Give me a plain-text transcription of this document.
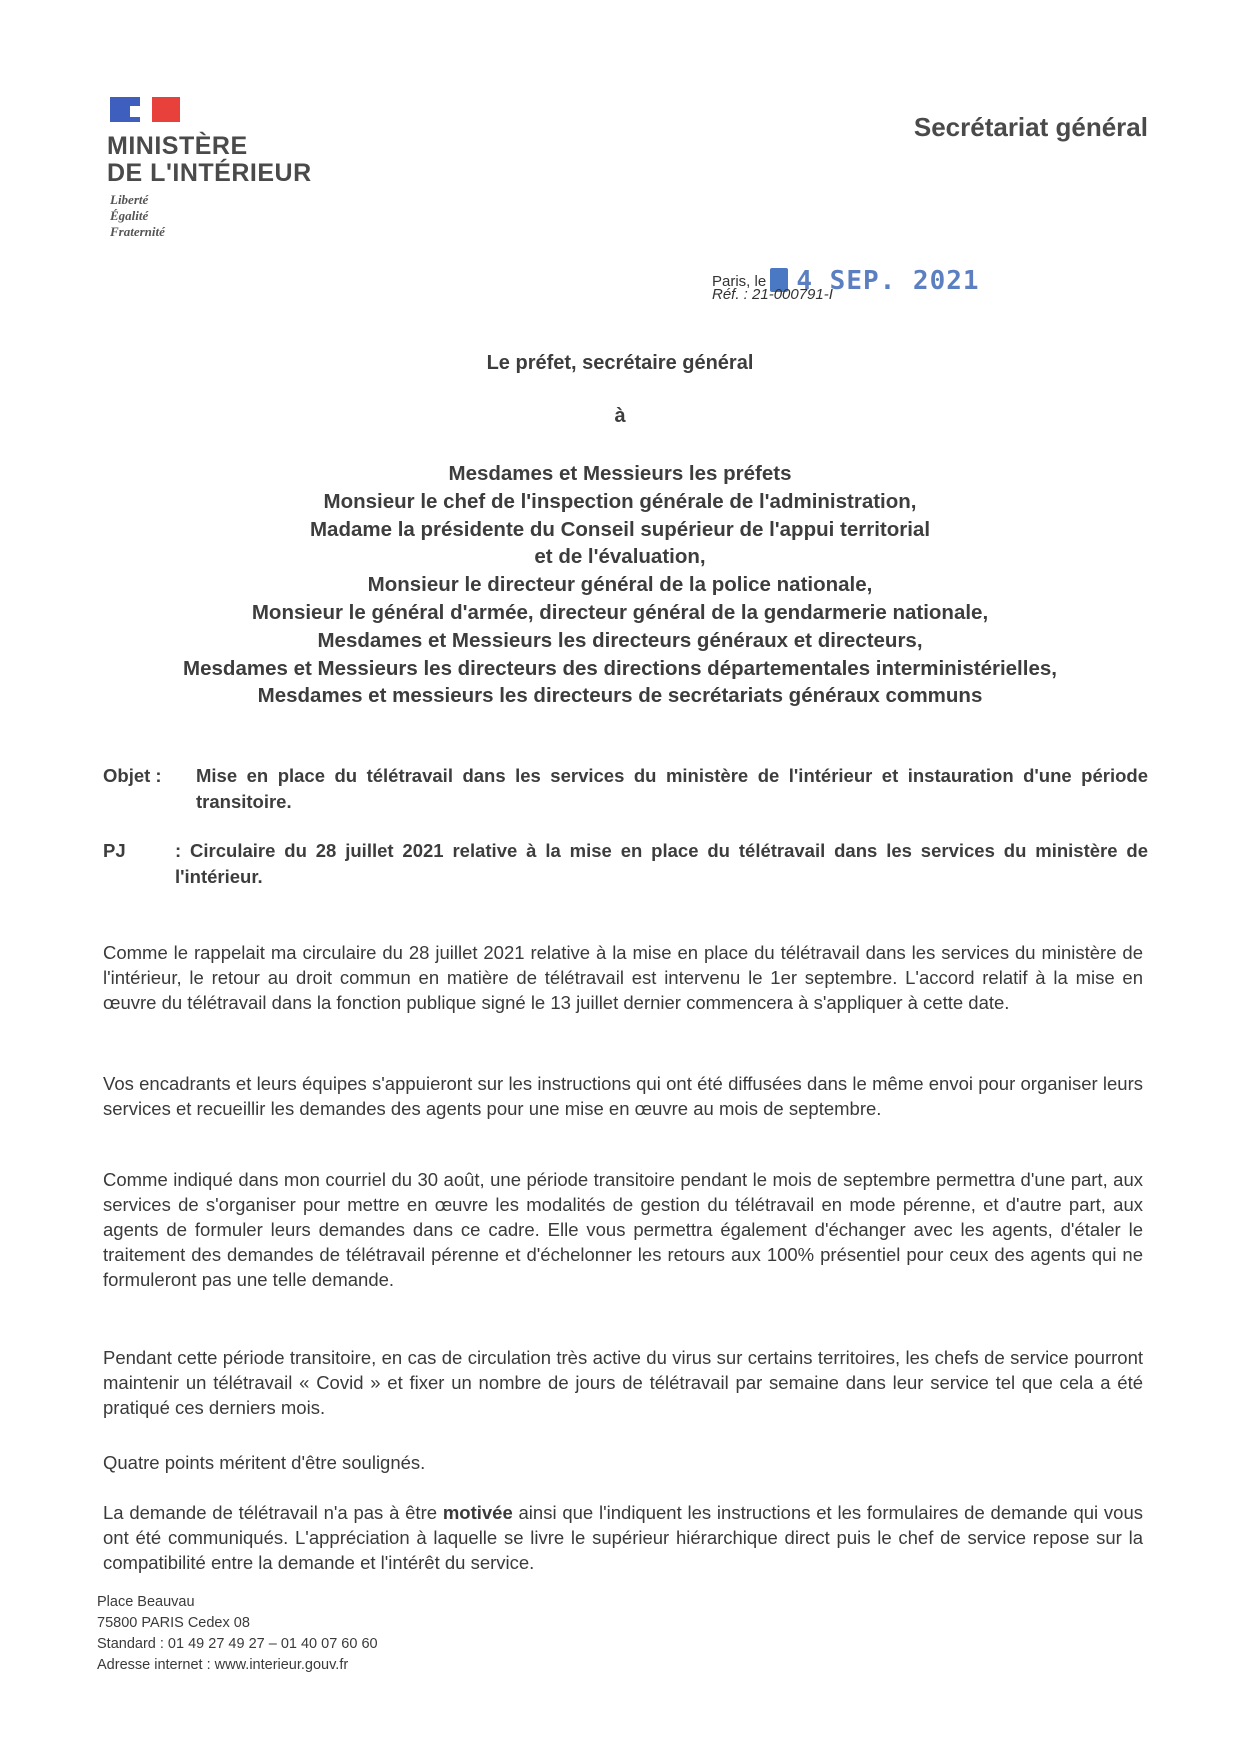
MINISTÈRE
DE L'INTÉRIEUR
Liberté
Égalité
Fraternité
Secrétariat général
Paris, le 4 SEP. 2021
Réf. : 21-000791-I
Le préfet, secrétaire général
à
Mesdames et Messieurs les préfets
Monsieur le chef de l'inspection générale de l'administration,
Madame la présidente du Conseil supérieur de l'appui territorial
et de l'évaluation,
Monsieur le directeur général de la police nationale,
Monsieur le général d'armée, directeur général de la gendarmerie nationale,
Mesdames et Messieurs les directeurs généraux et directeurs,
Mesdames et Messieurs les directeurs des directions départementales interministérielles,
Mesdames et messieurs les directeurs de secrétariats généraux communs
Objet : Mise en place du télétravail dans les services du ministère de l'intérieur et instauration d'une période transitoire.
PJ	: Circulaire du 28 juillet 2021 relative à la mise en place du télétravail dans les services du ministère de l'intérieur.
Comme le rappelait ma circulaire du 28 juillet 2021 relative à la mise en place du télétravail dans les services du ministère de l'intérieur, le retour au droit commun en matière de télétravail est intervenu le 1er septembre. L'accord relatif à la mise en œuvre du télétravail dans la fonction publique signé le 13 juillet dernier commencera à s'appliquer à cette date.
Vos encadrants et leurs équipes s'appuieront sur les instructions qui ont été diffusées dans le même envoi pour organiser leurs services et recueillir les demandes des agents pour une mise en œuvre au mois de septembre.
Comme indiqué dans mon courriel du 30 août, une période transitoire pendant le mois de septembre permettra d'une part, aux services de s'organiser pour mettre en œuvre les modalités de gestion du télétravail en mode pérenne, et d'autre part, aux agents de formuler leurs demandes dans ce cadre. Elle vous permettra également d'échanger avec les agents, d'étaler le traitement des demandes de télétravail pérenne et d'échelonner les retours aux 100% présentiel pour ceux des agents qui ne formuleront pas une telle demande.
Pendant cette période transitoire, en cas de circulation très active du virus sur certains territoires, les chefs de service pourront maintenir un télétravail « Covid » et fixer un nombre de jours de télétravail par semaine dans leur service tel que cela a été pratiqué ces derniers mois.
Quatre points méritent d'être soulignés.
La demande de télétravail n'a pas à être motivée ainsi que l'indiquent les instructions et les formulaires de demande qui vous ont été communiqués. L'appréciation à laquelle se livre le supérieur hiérarchique direct puis le chef de service repose sur la compatibilité entre la demande et l'intérêt du service.
Place Beauvau
75800 PARIS Cedex 08
Standard : 01 49 27 49 27 – 01 40 07 60 60
Adresse internet : www.interieur.gouv.fr
